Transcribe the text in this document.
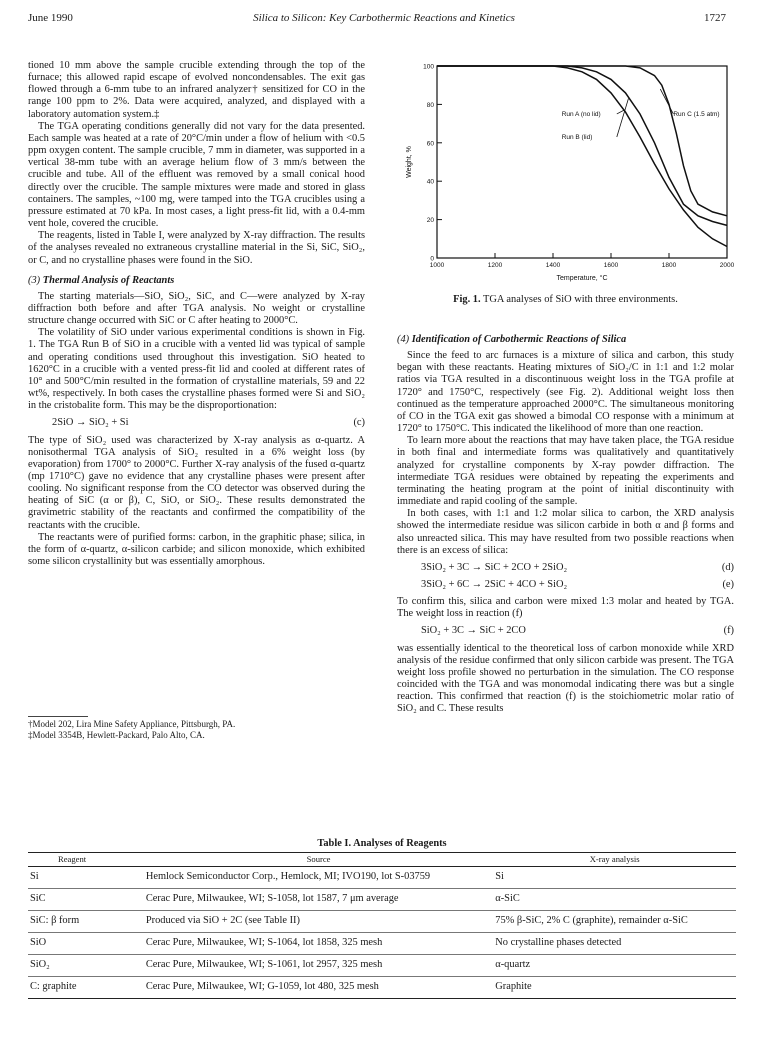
June 1990	Silica to Silicon: Key Carbothermic Reactions and Kinetics	1727

tioned 10 mm above the sample crucible extending through the top of the furnace; this allowed rapid escape of evolved noncondensables. The exit gas flowed through a 6-mm tube to an infrared analyzer† sensitized for CO in the range 100 ppm to 2%. Data were acquired, analyzed, and displayed with a laboratory automation system.‡

The TGA operating conditions generally did not vary for the data presented. Each sample was heated at a rate of 20°C/min under a flow of helium with <0.5 ppm oxygen content. The sample crucible, 7 mm in diameter, was supported in a vertical 38-mm tube with an average helium flow of 3 mm/s between the crucible and tube. All of the effluent was removed by a small conical hood directly over the crucible. The sample mixtures were made and stored in glass containers. The samples, ~100 mg, were tamped into the TGA crucibles using a pressure estimated at 70 kPa. In most cases, a light press-fit lid, with a 0.4-mm vent hole, covered the crucible.

The reagents, listed in Table I, were analyzed by X-ray diffraction. The results of the analyses revealed no extraneous crystalline material in the Si, SiC, SiO₂, or C, and no crystalline phases were found in the SiO.

(3) Thermal Analysis of Reactants

The starting materials—SiO, SiO₂, SiC, and C—were analyzed by X-ray diffraction both before and after TGA analysis. No weight or crystalline structure change occurred with SiC or C after heating to 2000°C.

The volatility of SiO under various experimental conditions is shown in Fig. 1. The TGA Run B of SiO in a crucible with a vented lid was typical of sample and operating conditions used throughout this investigation. SiO heated to 1620°C in a crucible with a vented press-fit lid and cooled at different rates of 10° and 500°C/min resulted in the formation of crystalline materials, 59 and 22 wt%, respectively. In both cases the crystalline phases formed were Si and SiO₂ in the cristobalite form. This may be the disproportionation:

2SiO → SiO₂ + Si	(c)

The type of SiO₂ used was characterized by X-ray analysis as α-quartz. A nonisothermal TGA analysis of SiO₂ resulted in a 6% weight loss (by evaporation) from 1700° to 2000°C. Further X-ray analysis of the fused α-quartz (mp 1710°C) gave no evidence that any crystalline phases were present after cooling. No significant response from the CO detector was observed during the heating of SiC (α or β), C, SiO, or SiO₂. These results demonstrated the gravimetric stability of the reactants and confirmed the compatibility of the reactants with the crucible.

The reactants were of purified forms: carbon, in the graphitic phase; silica, in the form of α-quartz, α-silicon carbide; and silicon monoxide, which exhibited some silicon crystallinity but was essentially amorphous.

†Model 202, Lira Mine Safety Appliance, Pittsburgh, PA.
‡Model 3354B, Hewlett-Packard, Palo Alto, CA.
1000	1200	1400	1600	1800	2000
0
20
40
60
80
100
Temperature, °C
Weight, %
Run A (no lid)
Run B (lid)
Run C (1.5 atm)
Fig. 1. TGA analyses of SiO with three environments.
(4) Identification of Carbothermic Reactions of Silica

Since the feed to arc furnaces is a mixture of silica and carbon, this study began with these reactants. Heating mixtures of SiO₂/C in 1:1 and 1:2 molar ratios via TGA resulted in a discontinuous weight loss in the TGA profile at 1720° and 1750°C, respectively (see Fig. 2). Additional weight loss then continued as the temperature approached 2000°C. The simultaneous monitoring of CO in the TGA exit gas showed a bimodal CO response with a minimum at 1720° to 1750°C. This indicated the likelihood of more than one reaction.

To learn more about the reactions that may have taken place, the TGA residue in both final and intermediate forms was qualitatively and quantitatively analyzed for crystalline components by X-ray powder diffraction. The intermediate TGA residues were obtained by repeating the experiments and terminating the heating program at the point of initial discontinuity with immediate and rapid cooling of the sample.

In both cases, with 1:1 and 1:2 molar silica to carbon, the XRD analysis showed the intermediate residue was silicon carbide in both α and β forms and also unreacted silica. This may have resulted from two possible reactions when there is an excess of silica:

3SiO₂ + 3C → SiC + 2CO + 2SiO₂	(d)
3SiO₂ + 6C → 2SiC + 4CO + SiO₂	(e)

To confirm this, silica and carbon were mixed 1:3 molar and heated by TGA. The weight loss in reaction (f)

SiO₂ + 3C → SiC + 2CO	(f)

was essentially identical to the theoretical loss of carbon monoxide while XRD analysis of the residue confirmed that only silicon carbide was present. The TGA weight loss profile showed no perturbation in the simulation. The CO response coincided with the TGA and was monomodal indicating there was but a single reaction. This confirmed that reaction (f) is the stoichiometric molar ratio of SiO₂ and C. These results

Table I. Analyses of Reagents
Reagent	Source	X-ray analysis
Si	Hemlock Semiconductor Corp., Hemlock, MI; IVO190, lot S-03759	Si
SiC	Cerac Pure, Milwaukee, WI; S-1058, lot 1587, 7 μm average	α-SiC
SiC: β form	Produced via SiO + 2C (see Table II)	75% β-SiC, 2% C (graphite), remainder α-SiC
SiO	Cerac Pure, Milwaukee, WI; S-1064, lot 1858, 325 mesh	No crystalline phases detected
SiO₂	Cerac Pure, Milwaukee, WI; S-1061, lot 2957, 325 mesh	α-quartz
C: graphite	Cerac Pure, Milwaukee, WI; G-1059, lot 480, 325 mesh	Graphite
